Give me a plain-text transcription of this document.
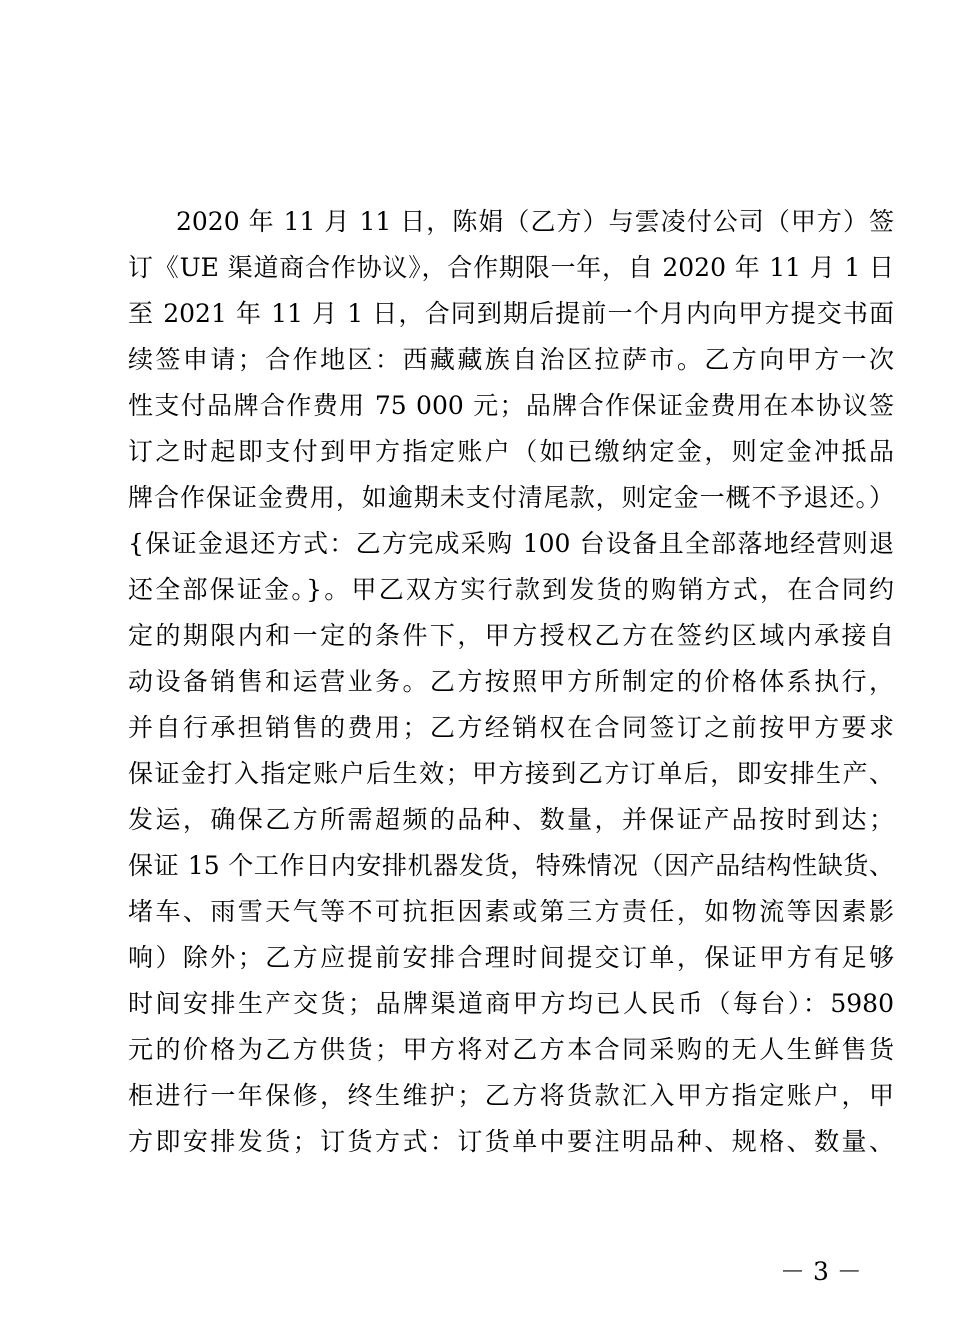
2020 年 11 月 11 日，陈娟（乙方）与雲凌付公司（甲方）签
订《UE 渠道商合作协议》，合作期限一年，自 2020 年 11 月 1 日
至 2021 年 11 月 1 日，合同到期后提前一个月内向甲方提交书面
续签申请；合作地区：西藏藏族自治区拉萨市。乙方向甲方一次
性支付品牌合作费用 75 000 元；品牌合作保证金费用在本协议签
订之时起即支付到甲方指定账户（如已缴纳定金，则定金冲抵品
牌合作保证金费用，如逾期未支付清尾款，则定金一概不予退还。）
{保证金退还方式：乙方完成采购 100 台设备且全部落地经营则退
还全部保证金。}。甲乙双方实行款到发货的购销方式，在合同约
定的期限内和一定的条件下，甲方授权乙方在签约区域内承接自
动设备销售和运营业务。乙方按照甲方所制定的价格体系执行，
并自行承担销售的费用；乙方经销权在合同签订之前按甲方要求
保证金打入指定账户后生效；甲方接到乙方订单后，即安排生产、
发运，确保乙方所需超频的品种、数量，并保证产品按时到达；
保证 15 个工作日内安排机器发货，特殊情况（因产品结构性缺货、
堵车、雨雪天气等不可抗拒因素或第三方责任，如物流等因素影
响）除外；乙方应提前安排合理时间提交订单，保证甲方有足够
时间安排生产交货；品牌渠道商甲方均已人民币（每台）：5980
元的价格为乙方供货；甲方将对乙方本合同采购的无人生鲜售货
柜进行一年保修，终生维护；乙方将货款汇入甲方指定账户，甲
方即安排发货；订货方式：订货单中要注明品种、规格、数量、
－ 3 －
